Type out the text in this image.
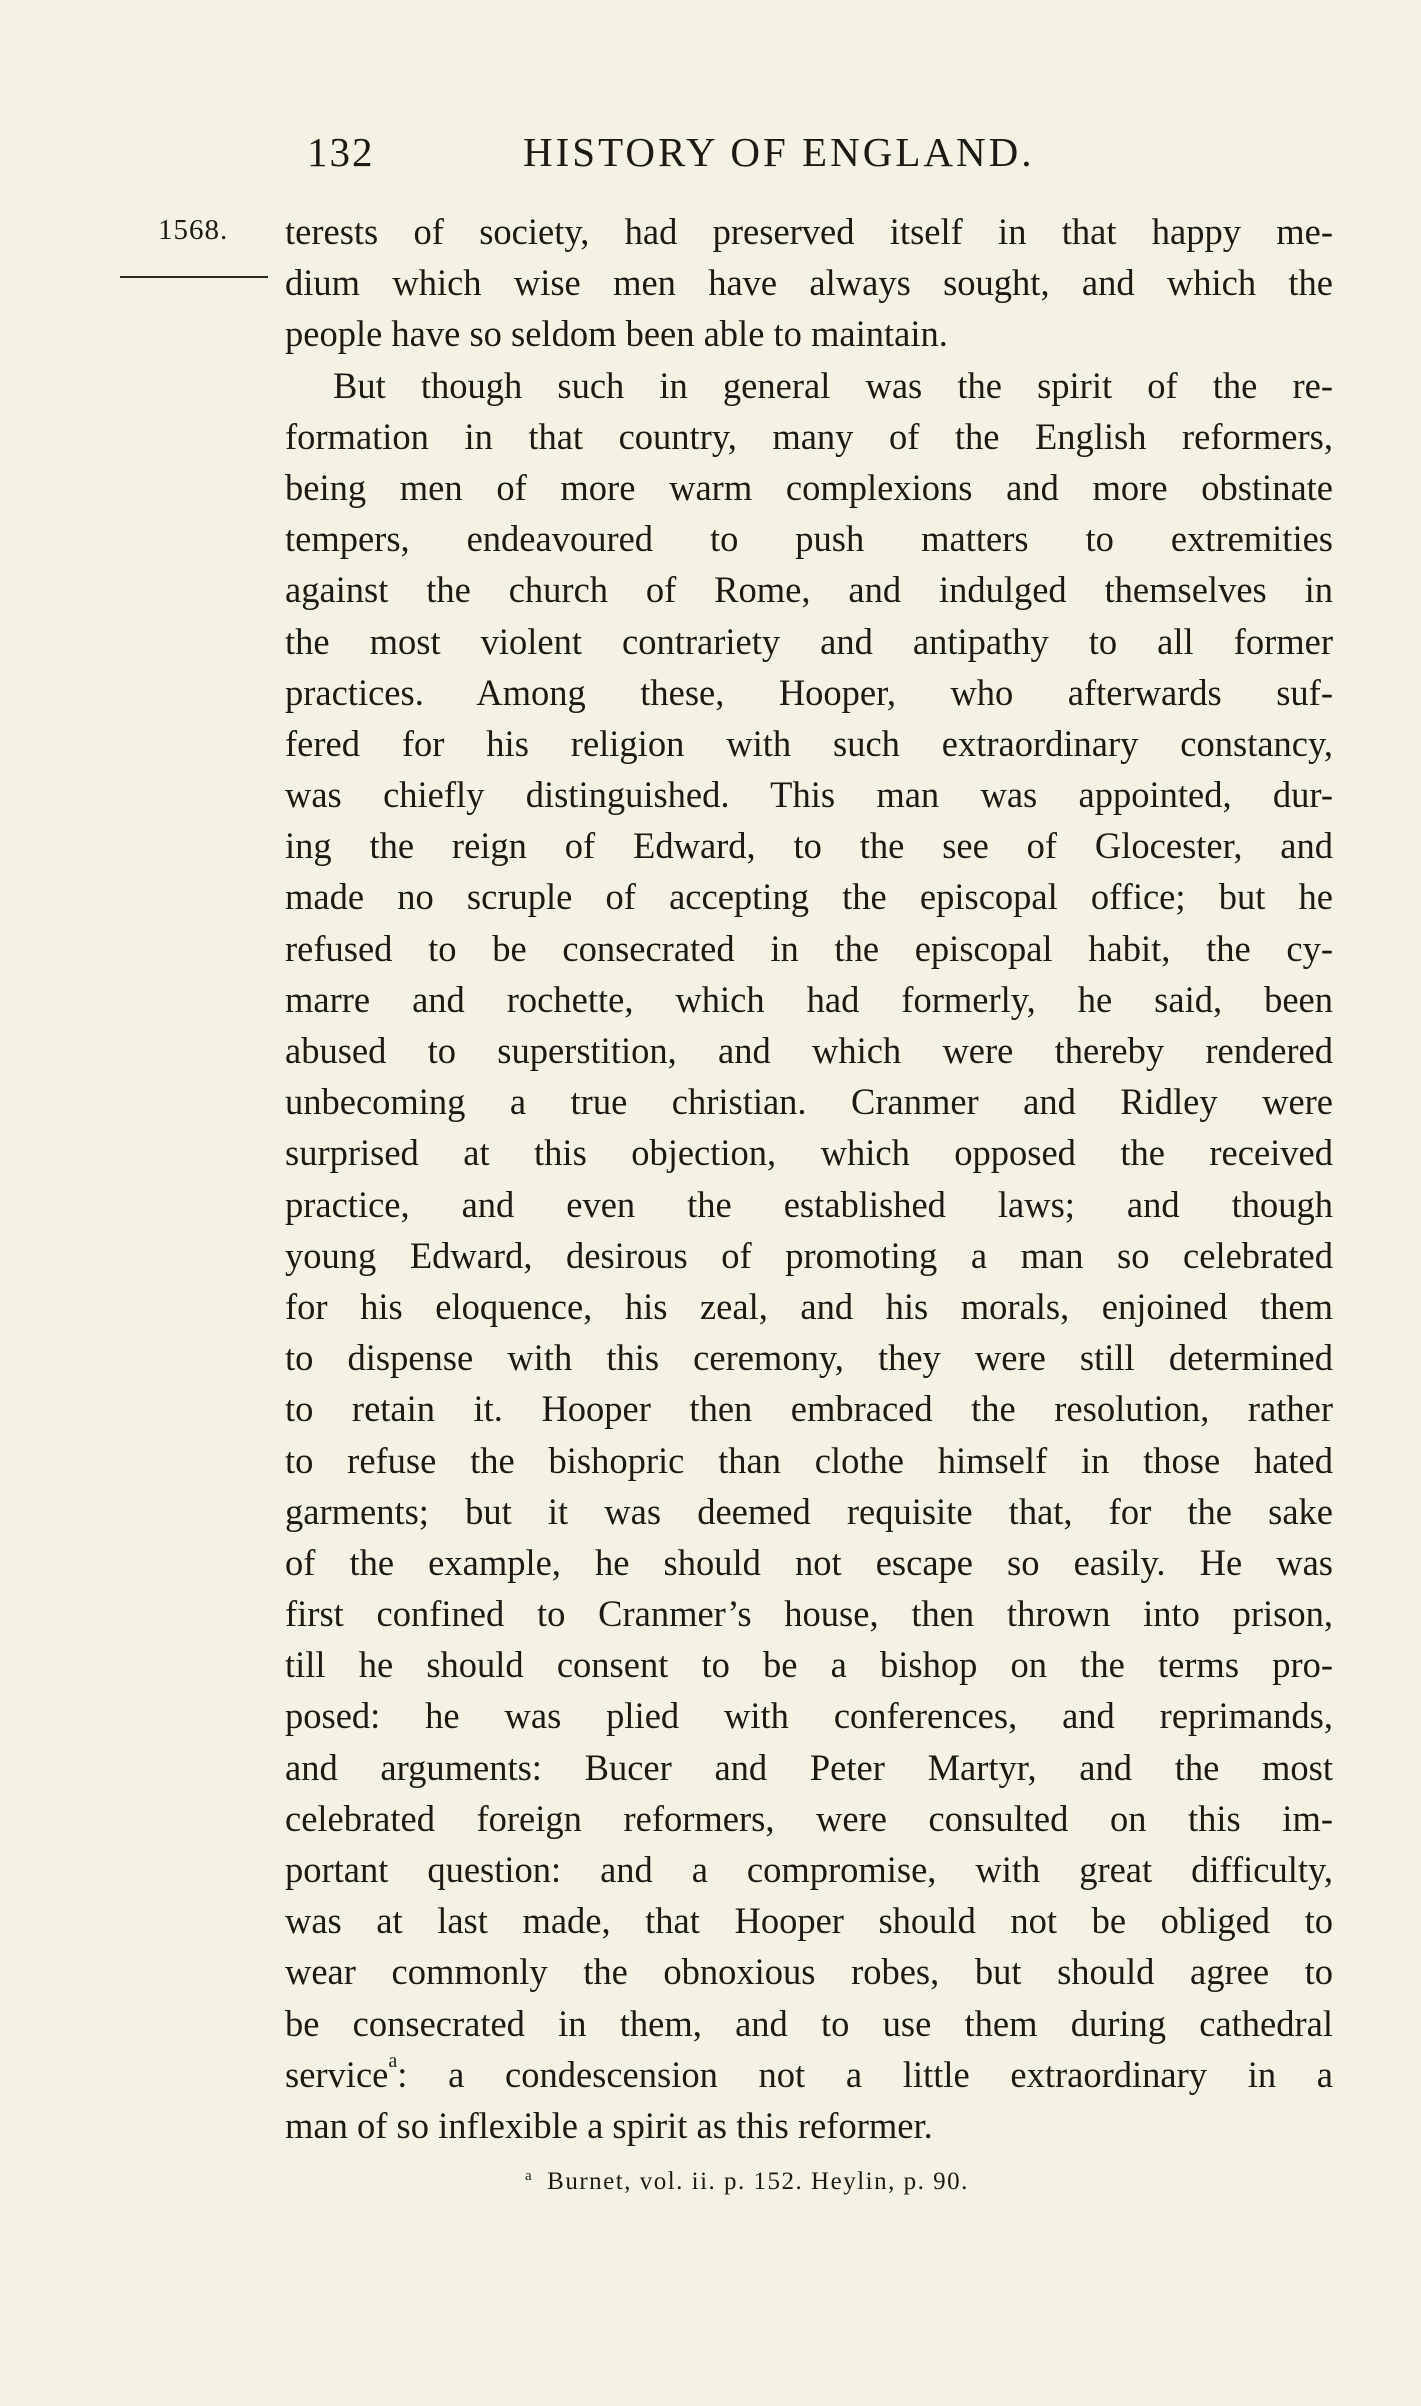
132	HISTORY OF ENGLAND.
1568. terests of society, had preserved itself in that happy me-
dium which wise men have always sought, and which the
people have so seldom been able to maintain.
But though such in general was the spirit of the re-
formation in that country, many of the English reformers,
being men of more warm complexions and more obstinate
tempers, endeavoured to push matters to extremities
against the church of Rome, and indulged themselves in
the most violent contrariety and antipathy to all former
practices. Among these, Hooper, who afterwards suf-
fered for his religion with such extraordinary constancy,
was chiefly distinguished. This man was appointed, dur-
ing the reign of Edward, to the see of Glocester, and
made no scruple of accepting the episcopal office; but he
refused to be consecrated in the episcopal habit, the cy-
marre and rochette, which had formerly, he said, been
abused to superstition, and which were thereby rendered
unbecoming a true christian. Cranmer and Ridley were
surprised at this objection, which opposed the received
practice, and even the established laws; and though
young Edward, desirous of promoting a man so celebrated
for his eloquence, his zeal, and his morals, enjoined them
to dispense with this ceremony, they were still determined
to retain it. Hooper then embraced the resolution, rather
to refuse the bishopric than clothe himself in those hated
garments; but it was deemed requisite that, for the sake
of the example, he should not escape so easily. He was
first confined to Cranmer’s house, then thrown into prison,
till he should consent to be a bishop on the terms pro-
posed: he was plied with conferences, and reprimands,
and arguments: Bucer and Peter Martyr, and the most
celebrated foreign reformers, were consulted on this im-
portant question: and a compromise, with great difficulty,
was at last made, that Hooper should not be obliged to
wear commonly the obnoxious robes, but should agree to
be consecrated in them, and to use them during cathedral
service$^a$: a condescension not a little extraordinary in a
man of so inflexible a spirit as this reformer.
$^a$ Burnet, vol. ii. p. 152. Heylin, p. 90.
